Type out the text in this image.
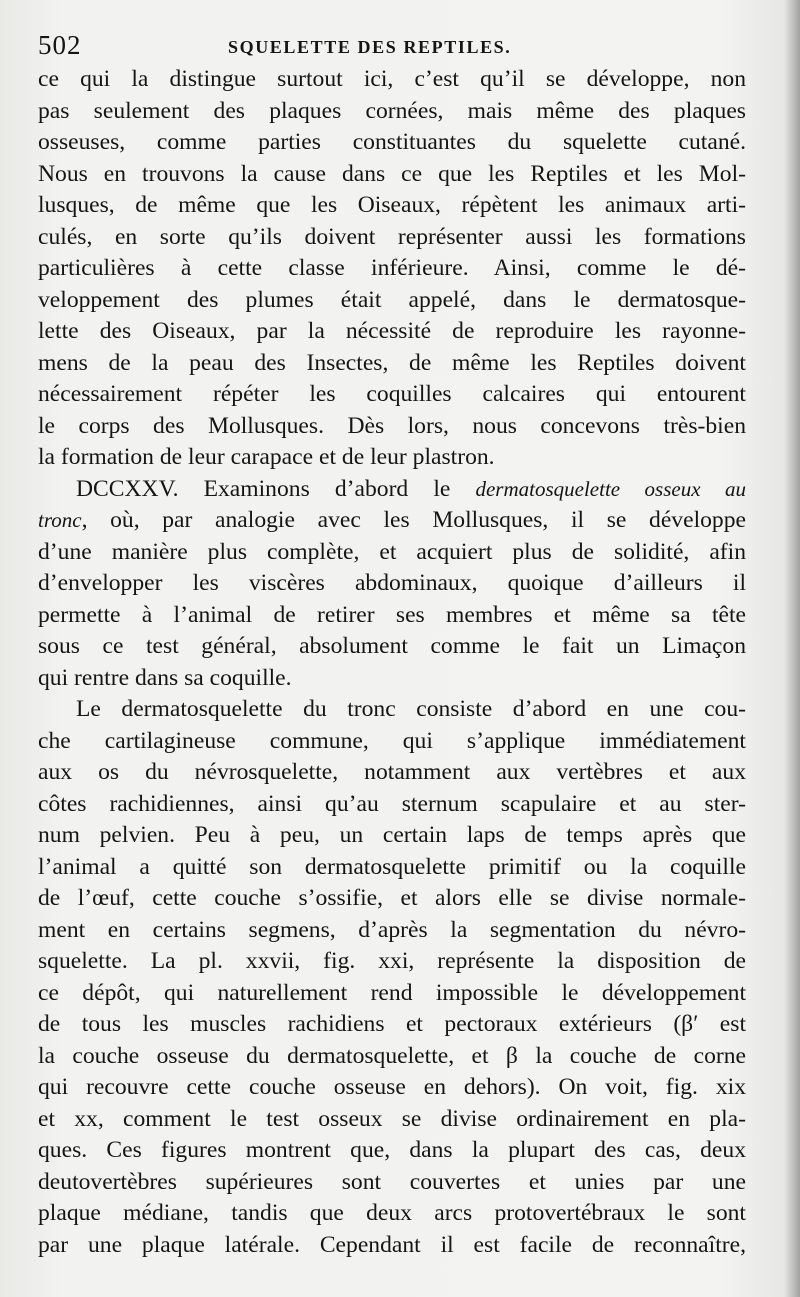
502	SQUELETTE DES REPTILES.
ce qui la distingue surtout ici, c’est qu’il se développe, non
pas seulement des plaques cornées, mais même des plaques
osseuses, comme parties constituantes du squelette cutané.
Nous en trouvons la cause dans ce que les Reptiles et les Mol-
lusques, de même que les Oiseaux, répètent les animaux arti-
culés, en sorte qu’ils doivent représenter aussi les formations
particulières à cette classe inférieure. Ainsi, comme le dé-
veloppement des plumes était appelé, dans le dermatosque-
lette des Oiseaux, par la nécessité de reproduire les rayonne-
mens de la peau des Insectes, de même les Reptiles doivent
nécessairement répéter les coquilles calcaires qui entourent
le corps des Mollusques. Dès lors, nous concevons très-bien
la formation de leur carapace et de leur plastron.
DCCXXV. Examinons d’abord le dermatosquelette osseux au
tronc, où, par analogie avec les Mollusques, il se développe
d’une manière plus complète, et acquiert plus de solidité, afin
d’envelopper les viscères abdominaux, quoique d’ailleurs il
permette à l’animal de retirer ses membres et même sa tête
sous ce test général, absolument comme le fait un Limaçon
qui rentre dans sa coquille.
Le dermatosquelette du tronc consiste d’abord en une cou-
che cartilagineuse commune, qui s’applique immédiatement
aux os du névrosquelette, notamment aux vertèbres et aux
côtes rachidiennes, ainsi qu’au sternum scapulaire et au ster-
num pelvien. Peu à peu, un certain laps de temps après que
l’animal a quitté son dermatosquelette primitif ou la coquille
de l’œuf, cette couche s’ossifie, et alors elle se divise normale-
ment en certains segmens, d’après la segmentation du névro-
squelette. La pl. xxvii, fig. xxi, représente la disposition de
ce dépôt, qui naturellement rend impossible le développement
de tous les muscles rachidiens et pectoraux extérieurs (β′ est
la couche osseuse du dermatosquelette, et β la couche de corne
qui recouvre cette couche osseuse en dehors). On voit, fig. xix
et xx, comment le test osseux se divise ordinairement en pla-
ques. Ces figures montrent que, dans la plupart des cas, deux
deutovertèbres supérieures sont couvertes et unies par une
plaque médiane, tandis que deux arcs protovertébraux le sont
par une plaque latérale. Cependant il est facile de reconnaître,
